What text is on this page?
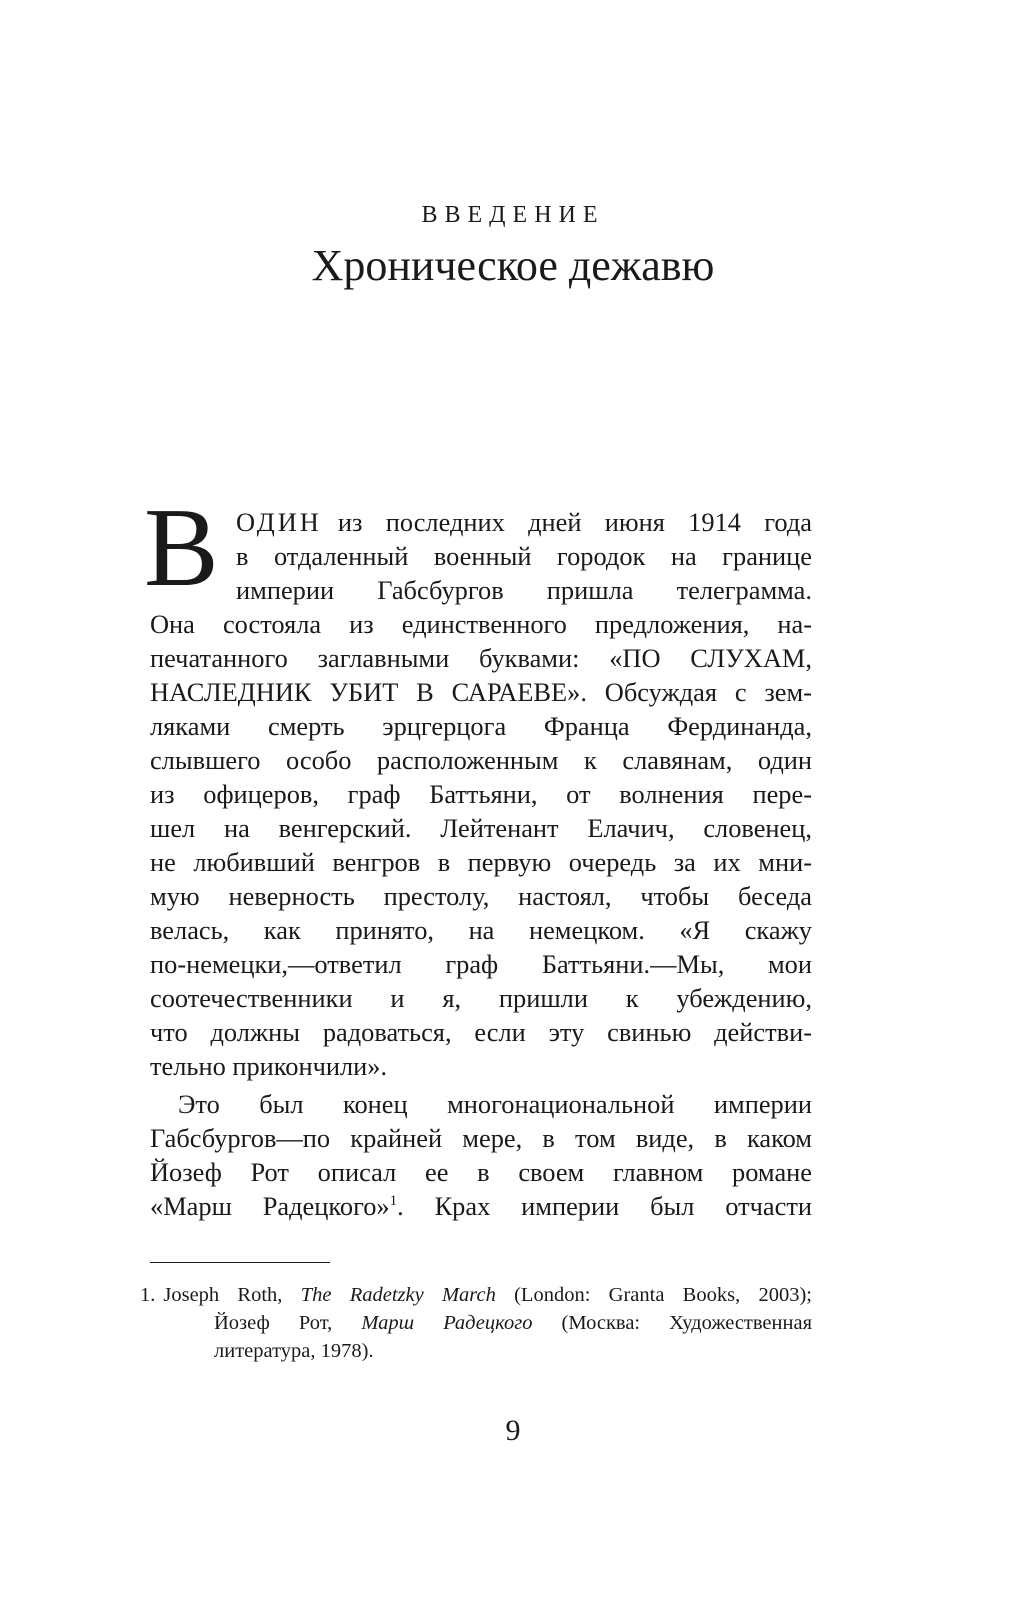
ВВЕДЕНИЕ
Хроническое дежавю
В ОДИН из последних дней июня 1914 года
в отдаленный военный городок на границе
империи Габсбургов пришла телеграмма.
Она состояла из единственного предложения, на-
печатанного заглавными буквами: «ПО СЛУХАМ,
НАСЛЕДНИК УБИТ В САРАЕВЕ». Обсуждая с зем-
ляками смерть эрцгерцога Франца Фердинанда,
слывшего особо расположенным к славянам, один
из офицеров, граф Баттьяни, от волнения пере-
шел на венгерский. Лейтенант Елачич, словенец,
не любивший венгров в первую очередь за их мни-
мую неверность престолу, настоял, чтобы беседа
велась, как принято, на немецком. «Я скажу
по-немецки,—ответил граф Баттьяни.—Мы, мои
соотечественники и я, пришли к убеждению,
что должны радоваться, если эту свинью действи-
тельно прикончили».
Это был конец многонациональной империи
Габсбургов—по крайней мере, в том виде, в каком
Йозеф Рот описал ее в своем главном романе
«Марш Радецкого»$^1$. Крах империи был отчасти
1. Joseph Roth, The Radetzky March (London: Granta Books, 2003);
Йозеф Рот, Марш Радецкого (Москва: Художественная
литература, 1978).
9
